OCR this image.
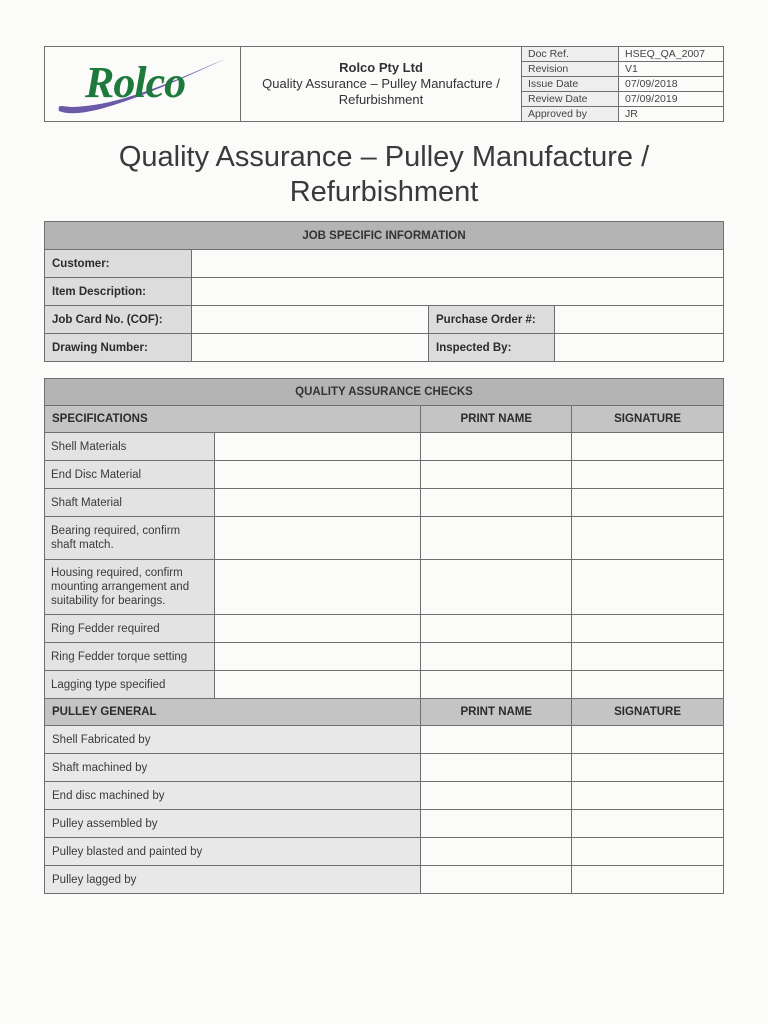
Rolco	Rolco Pty Ltd
Quality Assurance – Pulley Manufacture / Refurbishment	Doc Ref.	HSEQ_QA_2007
		Revision	V1
		Issue Date	07/09/2018
		Review Date	07/09/2019
		Approved by	JR
Quality Assurance – Pulley Manufacture / Refurbishment
JOB SPECIFIC INFORMATION			
Customer:			
Item Description:			
Job Card No. (COF):		Purchase Order #:	
Drawing Number:		Inspected By:	
QUALITY ASSURANCE CHECKS			
SPECIFICATIONS		PRINT NAME	SIGNATURE
Shell Materials			
End Disc Material			
Shaft Material			
Bearing required, confirm shaft match.			
Housing required, confirm mounting arrangement and suitability for bearings.			
Ring Fedder required			
Ring Fedder torque setting			
Lagging type specified			
PULLEY GENERAL		PRINT NAME	SIGNATURE
Shell Fabricated by			
Shaft machined by			
End disc machined by			
Pulley assembled by			
Pulley blasted and painted by			
Pulley lagged by			
